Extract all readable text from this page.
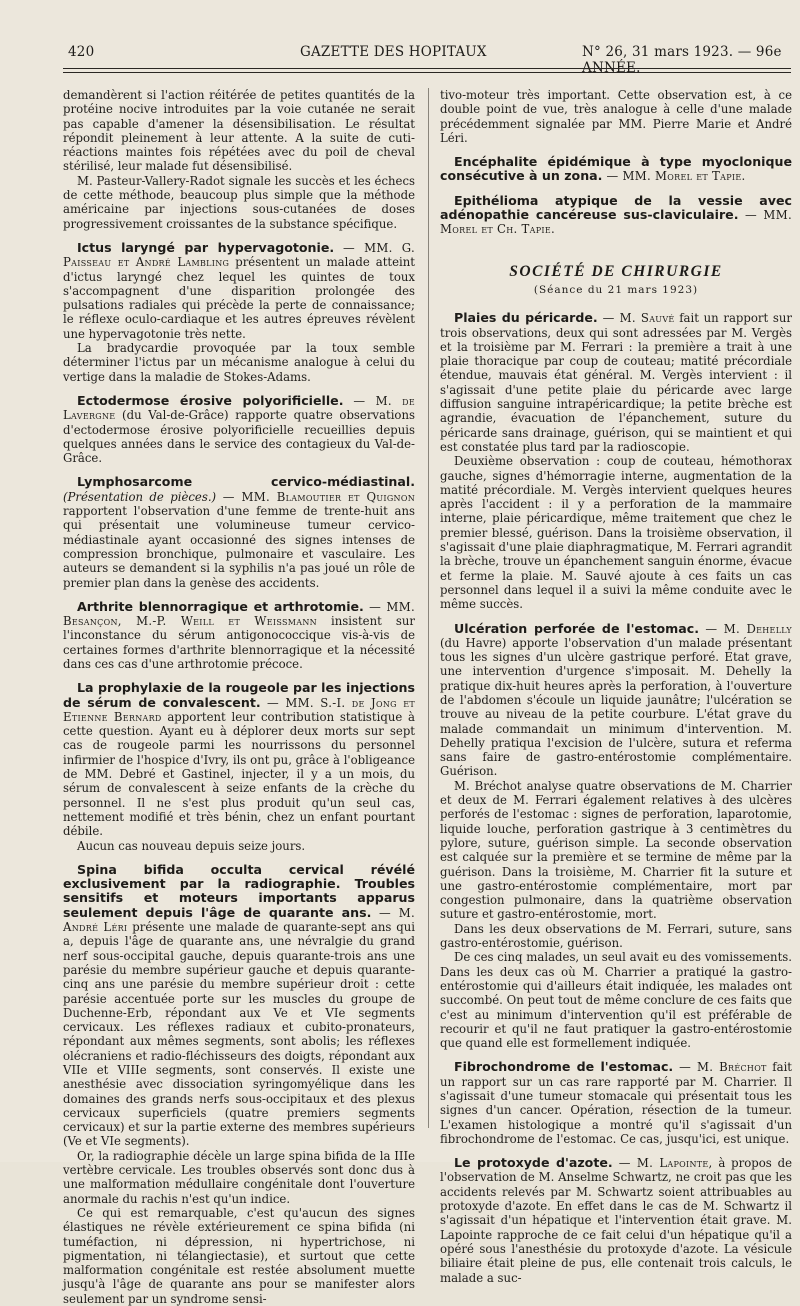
420	GAZETTE DES HOPITAUX	N° 26, 31 mars 1923. — 96e ANNÉE.

demandèrent si l'action réitérée de petites quantités de la protéine nocive introduites par la voie cutanée ne serait pas capable d'amener la désensibilisation. Le résultat répondit pleinement à leur attente. A la suite de cuti-réactions maintes fois répétées avec du poil de cheval stérilisé, leur malade fut désensibilisé.

M. Pasteur-Vallery-Radot signale les succès et les échecs de cette méthode, beaucoup plus simple que la méthode américaine par injections sous-cutanées de doses progressivement croissantes de la substance spécifique.

Ictus laryngé par hypervagotonie. — MM. G. Paisseau et André Lambling présentent un malade atteint d'ictus laryngé chez lequel les quintes de toux s'accompagnent d'une disparition prolongée des pulsations radiales qui précède la perte de connaissance; le réflexe oculo-cardiaque et les autres épreuves révèlent une hypervagotonie très nette.

La bradycardie provoquée par la toux semble déterminer l'ictus par un mécanisme analogue à celui du vertige dans la maladie de Stokes-Adams.

Ectodermose érosive polyorificielle. — M. de Lavergne (du Val-de-Grâce) rapporte quatre observations d'ectodermose érosive polyorificielle recueillies depuis quelques années dans le service des contagieux du Val-de-Grâce.

Lymphosarcome cervico-médiastinal. (Présentation de pièces.) — MM. Blamoutier et Quignon rapportent l'observation d'une femme de trente-huit ans qui présentait une volumineuse tumeur cervico-médiastinale ayant occasionné des signes intenses de compression bronchique, pulmonaire et vasculaire. Les auteurs se demandent si la syphilis n'a pas joué un rôle de premier plan dans la genèse des accidents.

Arthrite blennorragique et arthrotomie. — MM. Besançon, M.-P. Weill et Weissmann insistent sur l'inconstance du sérum antigonococcique vis-à-vis de certaines formes d'arthrite blennorragique et la nécessité dans ces cas d'une arthrotomie précoce.

La prophylaxie de la rougeole par les injections de sérum de convalescent. — MM. S.-I. de Jong et Etienne Bernard apportent leur contribution statistique à cette question. Ayant eu à déplorer deux morts sur sept cas de rougeole parmi les nourrissons du personnel infirmier de l'hospice d'Ivry, ils ont pu, grâce à l'obligeance de MM. Debré et Gastinel, injecter, il y a un mois, du sérum de convalescent à seize enfants de la crèche du personnel. Il ne s'est plus produit qu'un seul cas, nettement modifié et très bénin, chez un enfant pourtant débile.

Aucun cas nouveau depuis seize jours.

Spina bifida occulta cervical révélé exclusivement par la radiographie. Troubles sensitifs et moteurs importants apparus seulement depuis l'âge de quarante ans. — M. André Léri présente une malade de quarante-sept ans qui a, depuis l'âge de quarante ans, une névralgie du grand nerf sous-occipital gauche, depuis quarante-trois ans une parésie du membre supérieur gauche et depuis quarante-cinq ans une parésie du membre supérieur droit : cette parésie accentuée porte sur les muscles du groupe de Duchenne-Erb, répondant aux Ve et VIe segments cervicaux. Les réflexes radiaux et cubito-pronateurs, répondant aux mêmes segments, sont abolis; les réflexes olécraniens et radio-fléchisseurs des doigts, répondant aux VIIe et VIIIe segments, sont conservés. Il existe une anesthésie avec dissociation syringomyélique dans les domaines des grands nerfs sous-occipitaux et des plexus cervicaux superficiels (quatre premiers segments cervicaux) et sur la partie externe des membres supérieurs (Ve et VIe segments).

Or, la radiographie décèle un large spina bifida de la IIIe vertèbre cervicale. Les troubles observés sont donc dus à une malformation médullaire congénitale dont l'ouverture anormale du rachis n'est qu'un indice.

Ce qui est remarquable, c'est qu'aucun des signes élastiques ne révèle extérieurement ce spina bifida (ni tuméfaction, ni dépression, ni hypertrichose, ni pigmentation, ni télangiectasie), et surtout que cette malformation congénitale est restée absolument muette jusqu'à l'âge de quarante ans pour se manifester alors seulement par un syndrome sensi-

tivo-moteur très important. Cette observation est, à ce double point de vue, très analogue à celle d'une malade précédemment signalée par MM. Pierre Marie et André Léri.

Encéphalite épidémique à type myoclonique consécutive à un zona. — MM. Morel et Tapie.

Epithélioma atypique de la vessie avec adénopathie cancéreuse sus-claviculaire. — MM. Morel et Ch. Tapie.

SOCIÉTÉ DE CHIRURGIE
(Séance du 21 mars 1923)

Plaies du péricarde. — M. Sauvé fait un rapport sur trois observations, deux qui sont adressées par M. Vergès et la troisième par M. Ferrari : la première a trait à une plaie thoracique par coup de couteau; matité précordiale étendue, mauvais état général. M. Vergès intervient : il s'agissait d'une petite plaie du péricarde avec large diffusion sanguine intrapéricardique; la petite brèche est agrandie, évacuation de l'épanchement, suture du péricarde sans drainage, guérison, qui se maintient et qui est constatée plus tard par la radioscopie.

Deuxième observation : coup de couteau, hémothorax gauche, signes d'hémorragie interne, augmentation de la matité précordiale. M. Vergès intervient quelques heures après l'accident : il y a perforation de la mammaire interne, plaie péricardique, même traitement que chez le premier blessé, guérison. Dans la troisième observation, il s'agissait d'une plaie diaphragmatique, M. Ferrari agrandit la brèche, trouve un épanchement sanguin énorme, évacue et ferme la plaie. M. Sauvé ajoute à ces faits un cas personnel dans lequel il a suivi la même conduite avec le même succès.

Ulcération perforée de l'estomac. — M. Dehelly (du Havre) apporte l'observation d'un malade présentant tous les signes d'un ulcère gastrique perforé. Etat grave, une intervention d'urgence s'imposait. M. Dehelly la pratique dix-huit heures après la perforation, à l'ouverture de l'abdomen s'écoule un liquide jaunâtre; l'ulcération se trouve au niveau de la petite courbure. L'état grave du malade commandait un minimum d'intervention. M. Dehelly pratiqua l'excision de l'ulcère, sutura et referma sans faire de gastro-entérostomie complémentaire. Guérison.

M. Bréchot analyse quatre observations de M. Charrier et deux de M. Ferrari également relatives à des ulcères perforés de l'estomac : signes de perforation, laparotomie, liquide louche, perforation gastrique à 3 centimètres du pylore, suture, guérison simple. La seconde observation est calquée sur la première et se termine de même par la guérison. Dans la troisième, M. Charrier fit la suture et une gastro-entérostomie complémentaire, mort par congestion pulmonaire, dans la quatrième observation suture et gastro-entérostomie, mort.

Dans les deux observations de M. Ferrari, suture, sans gastro-entérostomie, guérison.

De ces cinq malades, un seul avait eu des vomissements. Dans les deux cas où M. Charrier a pratiqué la gastro-entérostomie qui d'ailleurs était indiquée, les malades ont succombé. On peut tout de même conclure de ces faits que c'est au minimum d'intervention qu'il est préférable de recourir et qu'il ne faut pratiquer la gastro-entérostomie que quand elle est formellement indiquée.

Fibrochondrome de l'estomac. — M. Bréchot fait un rapport sur un cas rare rapporté par M. Charrier. Il s'agissait d'une tumeur stomacale qui présentait tous les signes d'un cancer. Opération, résection de la tumeur. L'examen histologique a montré qu'il s'agissait d'un fibrochondrome de l'estomac. Ce cas, jusqu'ici, est unique.

Le protoxyde d'azote. — M. Lapointe, à propos de l'observation de M. Anselme Schwartz, ne croit pas que les accidents relevés par M. Schwartz soient attribuables au protoxyde d'azote. En effet dans le cas de M. Schwartz il s'agissait d'un hépatique et l'intervention était grave. M. Lapointe rapproche de ce fait celui d'un hépatique qu'il a opéré sous l'anesthésie du protoxyde d'azote. La vésicule biliaire était pleine de pus, elle contenait trois calculs, le malade a suc-
